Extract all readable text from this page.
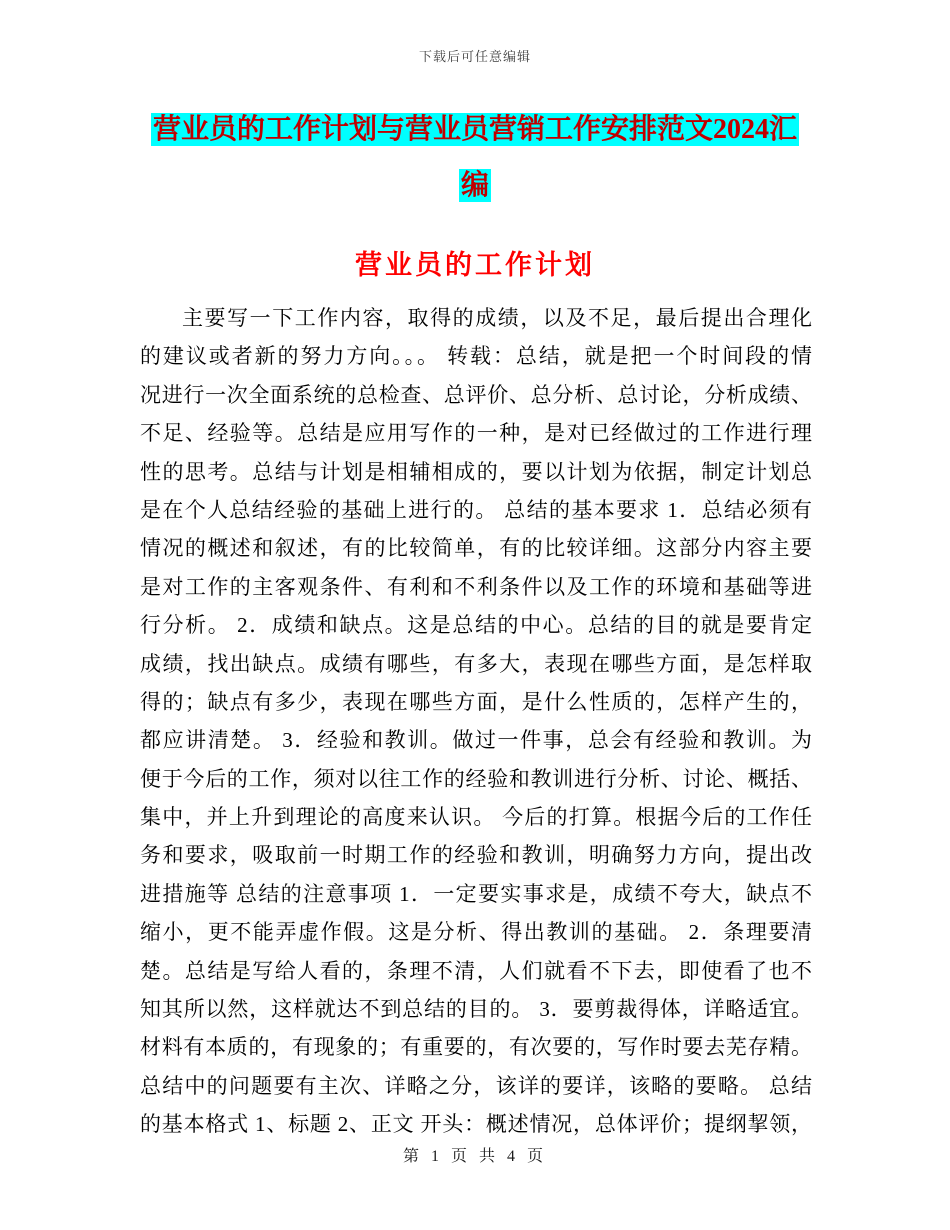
下载后可任意编辑
营业员的工作计划与营业员营销工作安排范文2024汇
编
营业员的工作计划
主要写一下工作内容，取得的成绩，以及不足，最后提出合理化
的建议或者新的努力方向。。。 转载：总结，就是把一个时间段的情
况进行一次全面系统的总检查、总评价、总分析、总讨论，分析成绩、
不足、经验等。总结是应用写作的一种，是对已经做过的工作进行理
性的思考。总结与计划是相辅相成的，要以计划为依据，制定计划总
是在个人总结经验的基础上进行的。 总结的基本要求 1．总结必须有
情况的概述和叙述，有的比较简单，有的比较详细。这部分内容主要
是对工作的主客观条件、有利和不利条件以及工作的环境和基础等进
行分析。 2．成绩和缺点。这是总结的中心。总结的目的就是要肯定
成绩，找出缺点。成绩有哪些，有多大，表现在哪些方面，是怎样取
得的；缺点有多少，表现在哪些方面，是什么性质的，怎样产生的，
都应讲清楚。 3．经验和教训。做过一件事，总会有经验和教训。为
便于今后的工作，须对以往工作的经验和教训进行分析、讨论、概括、
集中，并上升到理论的高度来认识。 今后的打算。根据今后的工作任
务和要求，吸取前一时期工作的经验和教训，明确努力方向，提出改
进措施等 总结的注意事项 1．一定要实事求是，成绩不夸大，缺点不
缩小，更不能弄虚作假。这是分析、得出教训的基础。 2．条理要清
楚。总结是写给人看的，条理不清，人们就看不下去，即使看了也不
知其所以然，这样就达不到总结的目的。 3．要剪裁得体，详略适宜。
材料有本质的，有现象的；有重要的，有次要的，写作时要去芜存精。
总结中的问题要有主次、详略之分，该详的要详，该略的要略。 总结
的基本格式 1、标题 2、正文 开头：概述情况，总体评价；提纲挈领，
第 1 页 共 4 页
